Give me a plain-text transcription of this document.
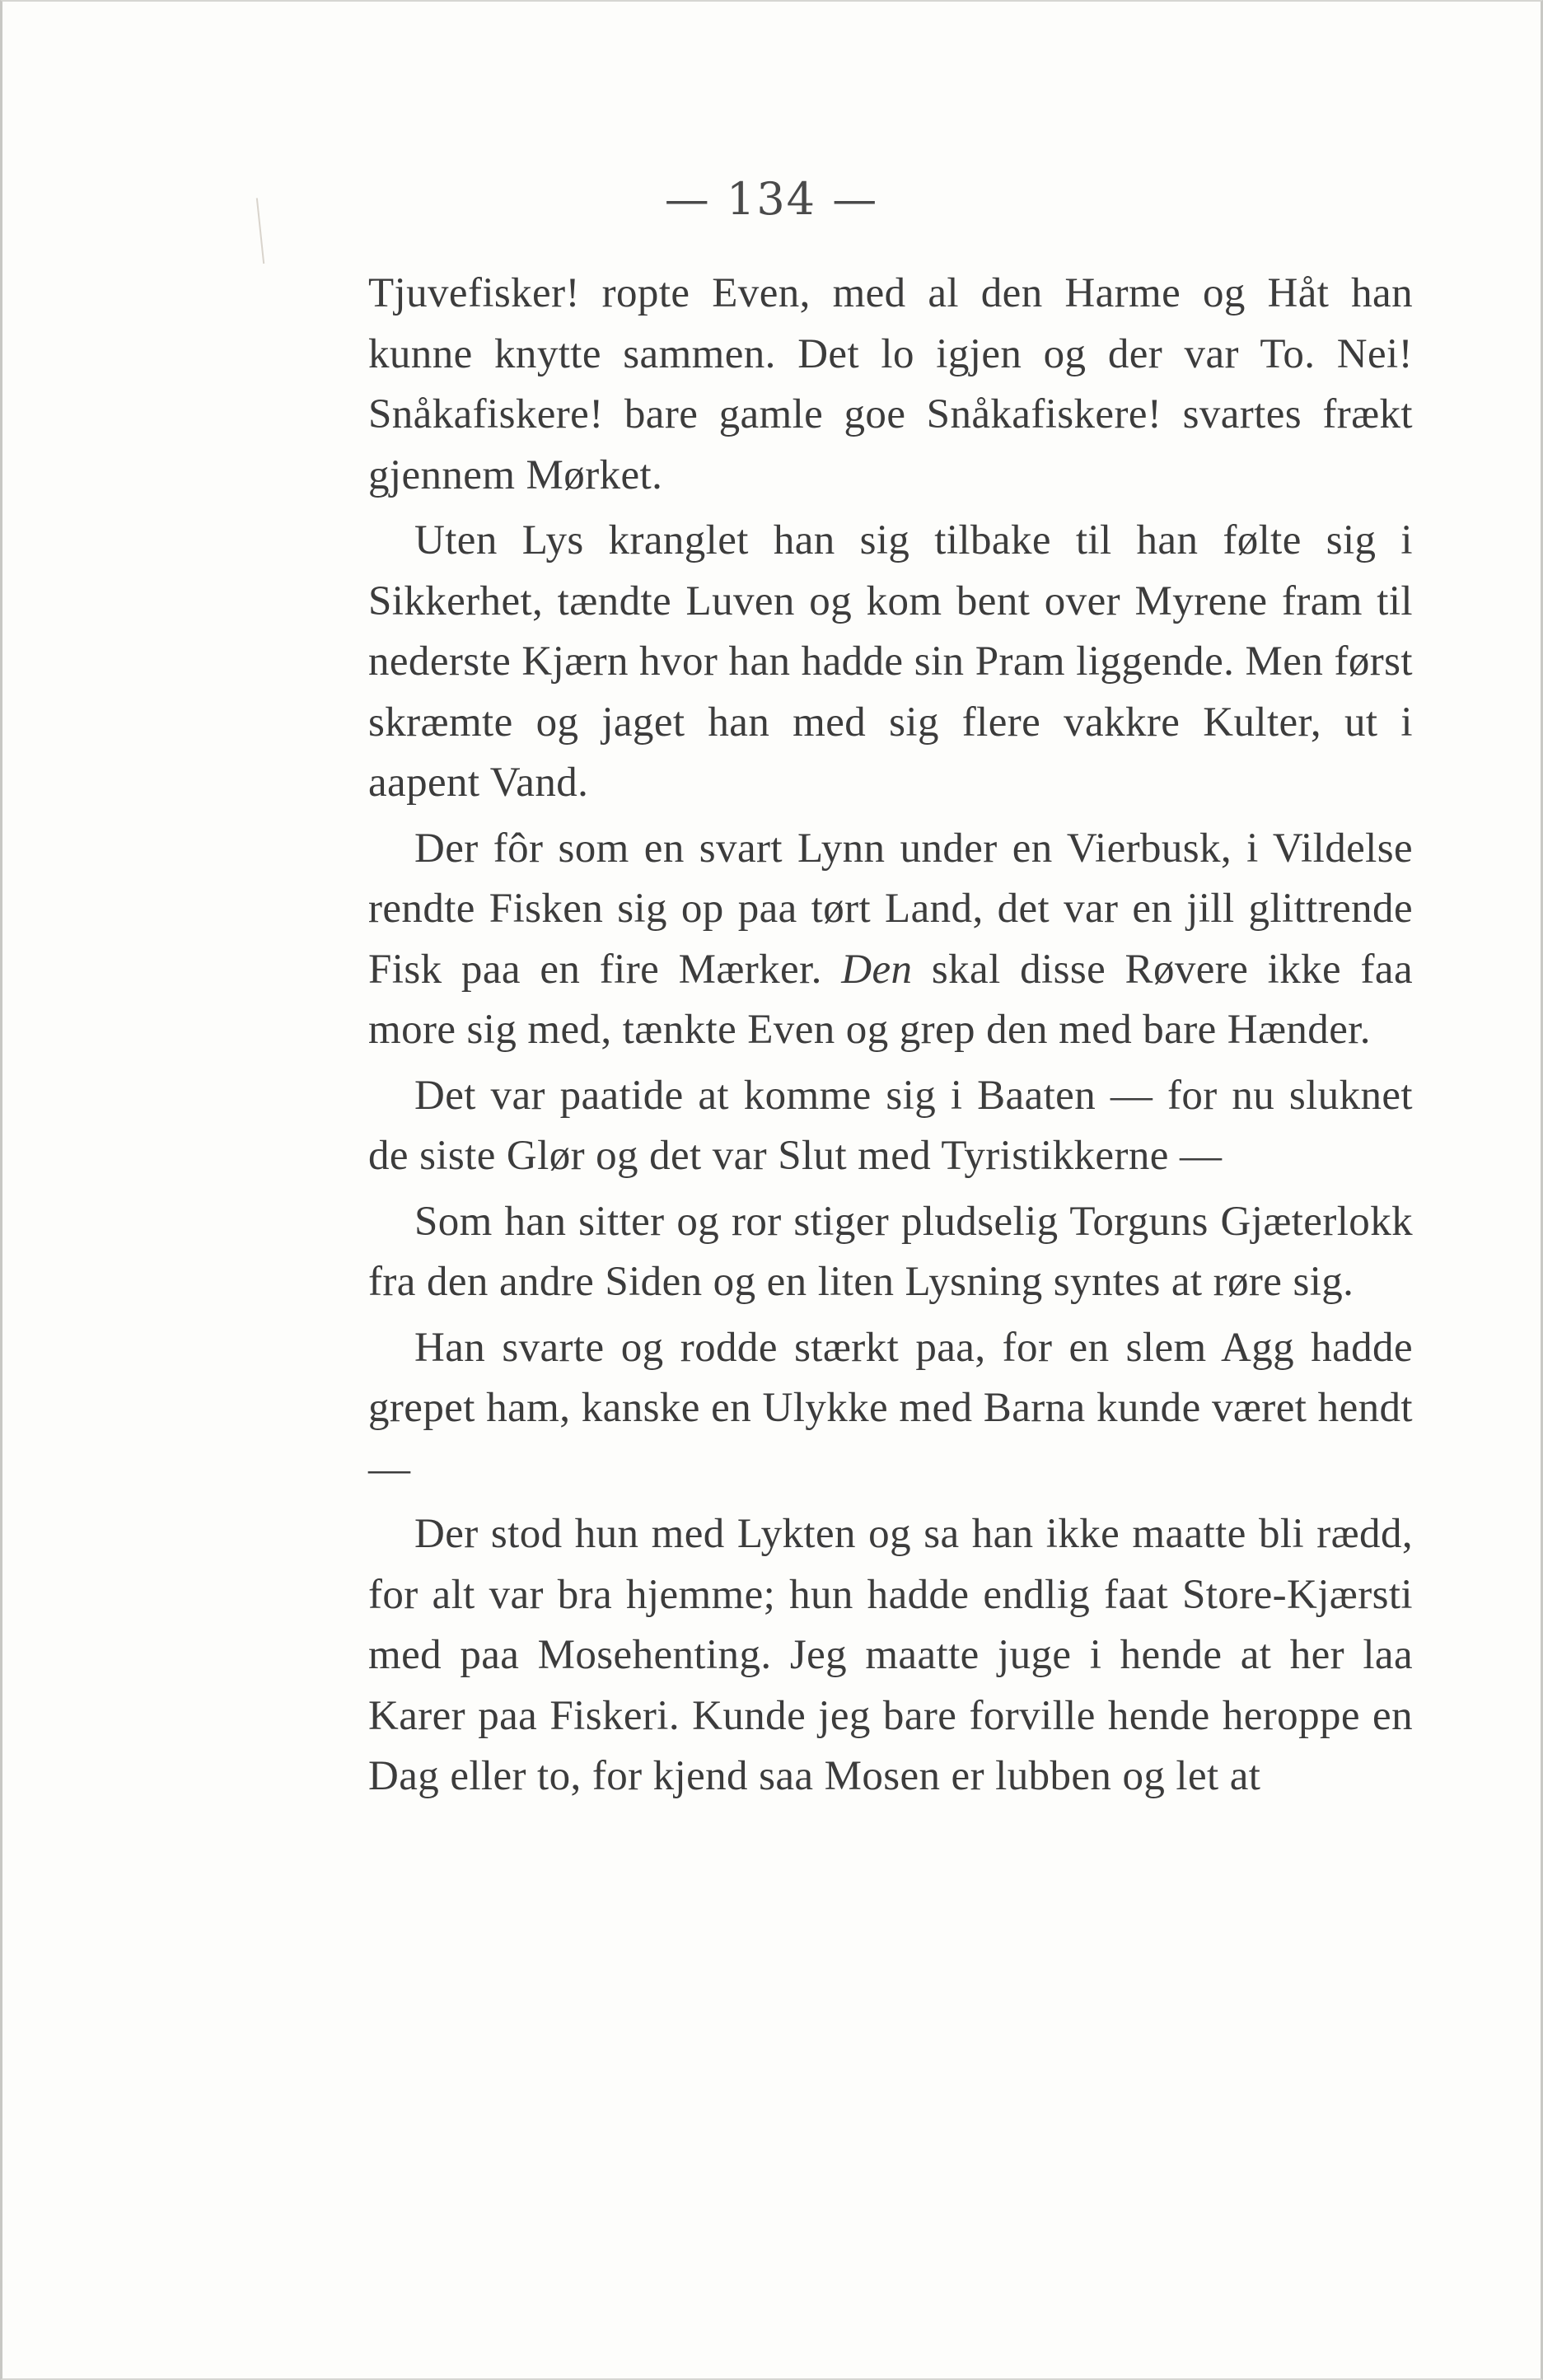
— 134 —

Tjuvefisker! ropte Even, med al den Harme og Håt han kunne knytte sammen. Det lo igjen og der var To. Nei! Snåkafiskere! bare gamle goe Snåkafiskere! svartes frækt gjennem Mørket.

Uten Lys kranglet han sig tilbake til han følte sig i Sikkerhet, tændte Luven og kom bent over Myrene fram til nederste Kjærn hvor han hadde sin Pram liggende. Men først skræmte og jaget han med sig flere vakkre Kulter, ut i aapent Vand.

Der fôr som en svart Lynn under en Vierbusk, i Vildelse rendte Fisken sig op paa tørt Land, det var en jill glittrende Fisk paa en fire Mærker. Den skal disse Røvere ikke faa more sig med, tænkte Even og grep den med bare Hænder.

Det var paatide at komme sig i Baaten — for nu sluknet de siste Glør og det var Slut med Tyristikkerne —

Som han sitter og ror stiger pludselig Torguns Gjæterlokk fra den andre Siden og en liten Lysning syntes at røre sig.

Han svarte og rodde stærkt paa, for en slem Agg hadde grepet ham, kanske en Ulykke med Barna kunde været hendt —

Der stod hun med Lykten og sa han ikke maatte bli rædd, for alt var bra hjemme; hun hadde endlig faat Store-Kjærsti med paa Mosehenting. Jeg maatte juge i hende at her laa Karer paa Fiskeri. Kunde jeg bare forville hende heroppe en Dag eller to, for kjend saa Mosen er lubben og let at
